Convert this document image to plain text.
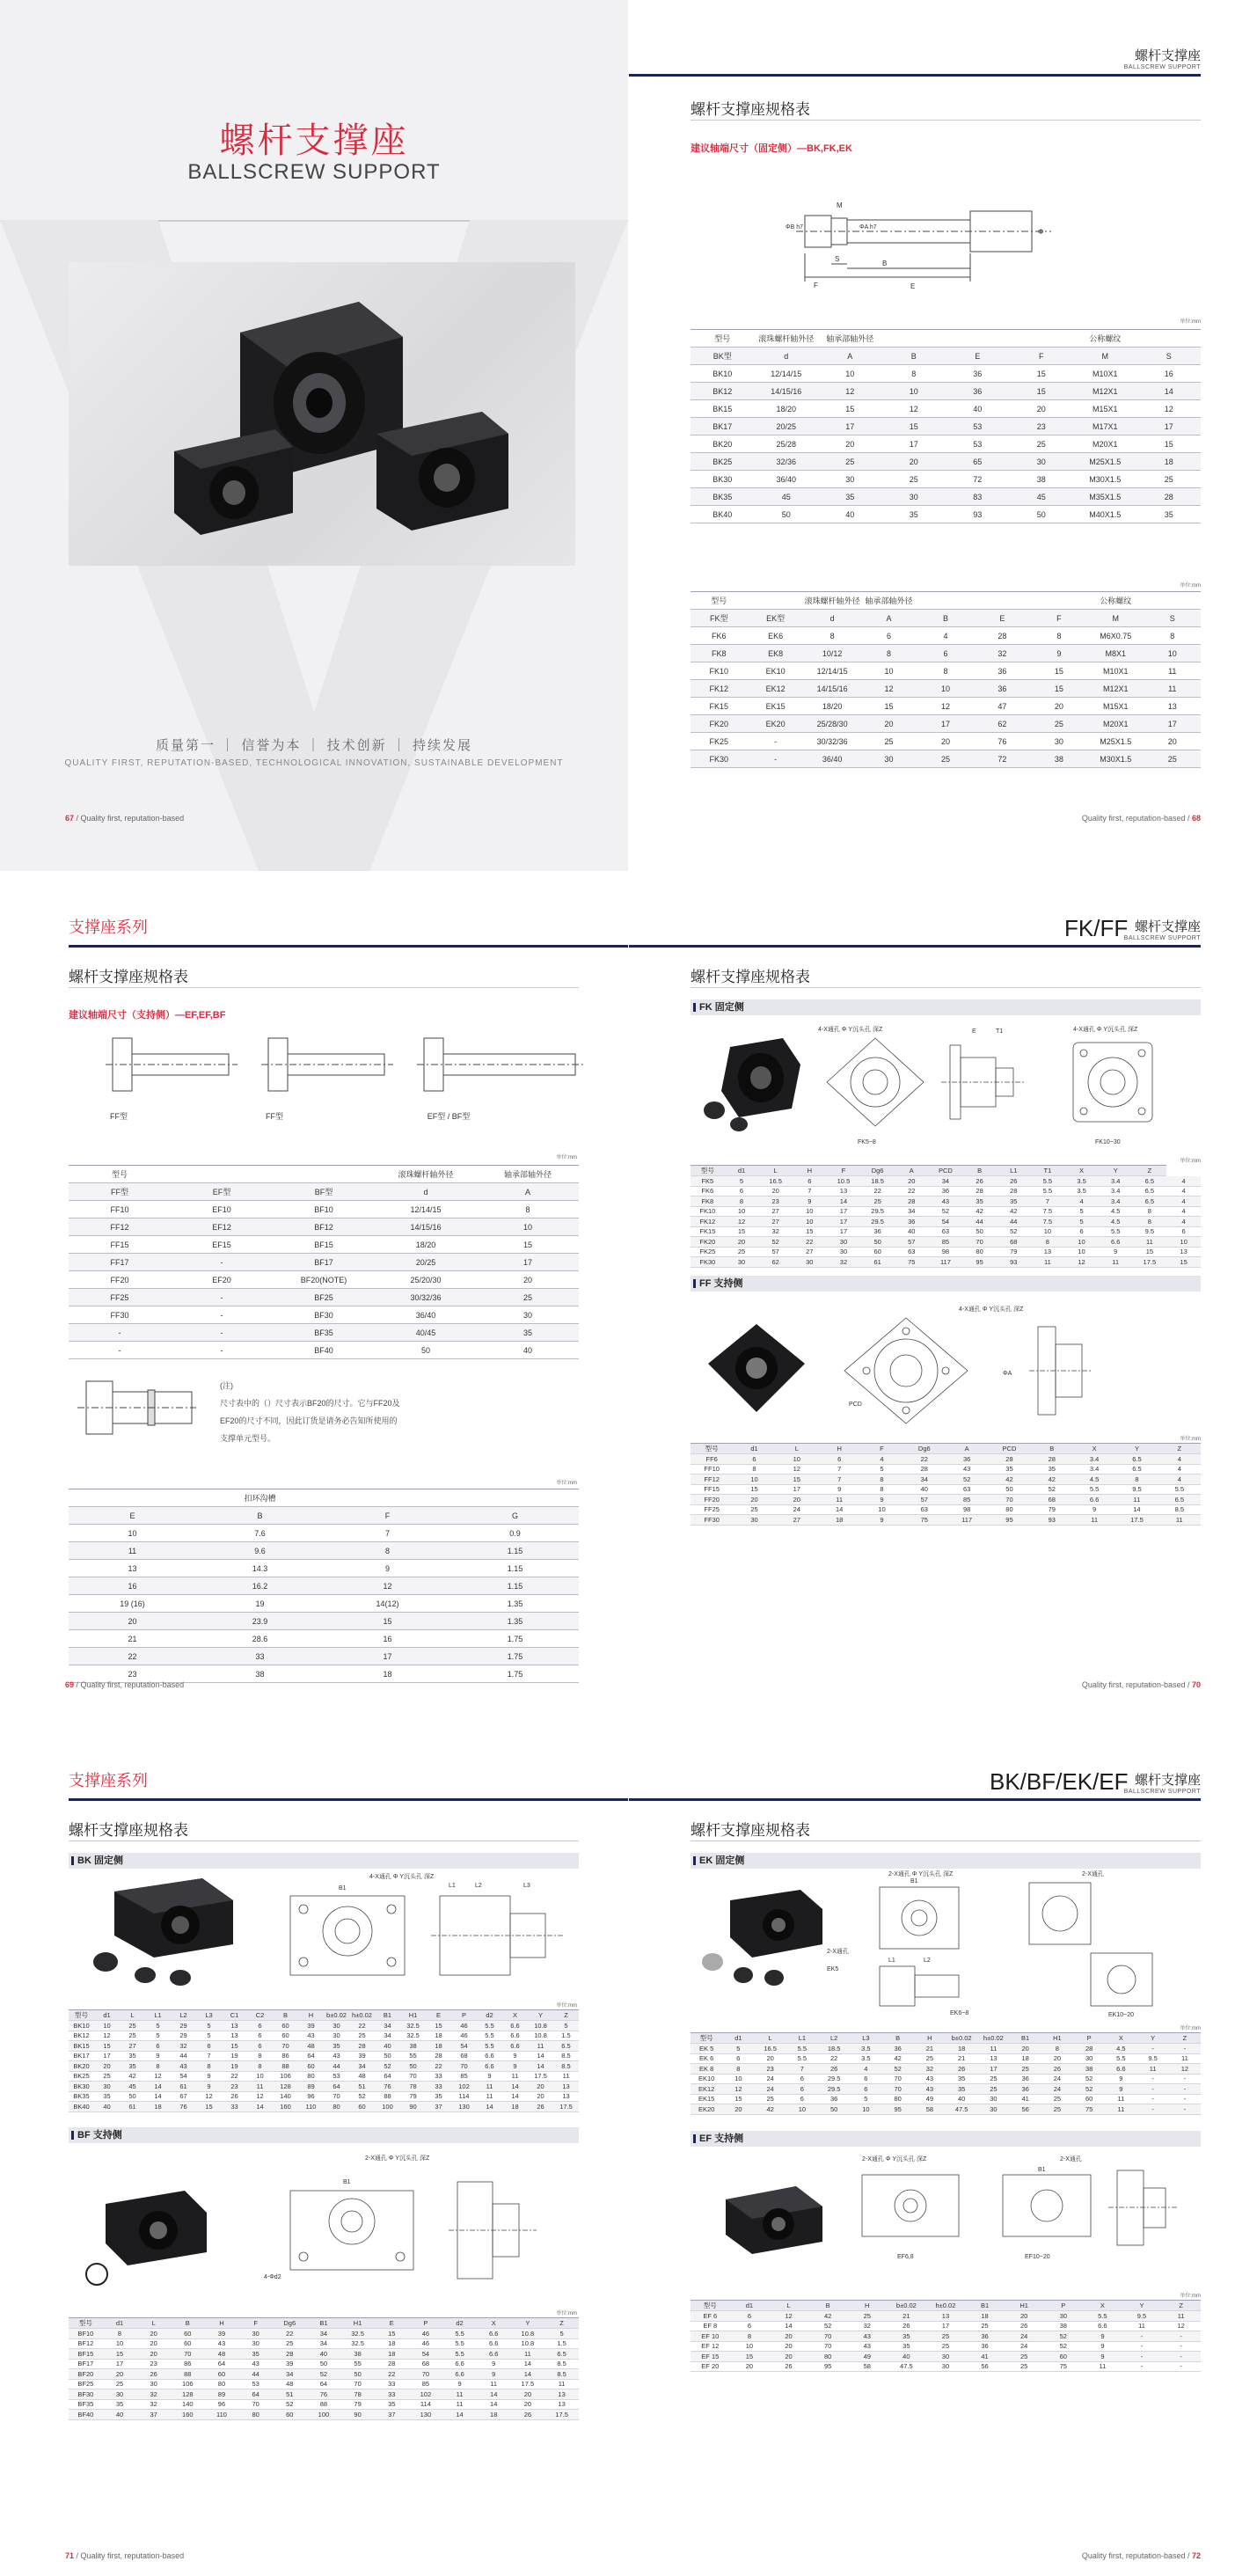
螺杆支撑座
BALLSCREW SUPPORT
质量第一 ｜ 信誉为本 ｜ 技术创新 ｜ 持续发展
QUALITY FIRST, REPUTATION-BASED, TECHNOLOGICAL INNOVATION, SUSTAINABLE DEVELOPMENT
67 / Quality first, reputation-based
螺杆支撑座
BALLSCREW SUPPORT
螺杆支撑座规格表
建议轴端尺寸（固定侧）—BK,FK,EK
M
ΦB h7	ΦA h7
Φ
F
S
B
E
单位:mm
型号	滚珠螺杆轴外径	轴承部轴外径				公称螺纹	
BK型	d	A	B	E	F	M	S
BK10	12/14/15	10	8	36	15	M10X1	16
BK12	14/15/16	12	10	36	15	M12X1	14
BK15	18/20	15	12	40	20	M15X1	12
BK17	20/25	17	15	53	23	M17X1	17
BK20	25/28	20	17	53	25	M20X1	15
BK25	32/36	25	20	65	30	M25X1.5	18
BK30	36/40	30	25	72	38	M30X1.5	25
BK35	45	35	30	83	45	M35X1.5	28
BK40	50	40	35	93	50	M40X1.5	35
单位:mm
型号		滚珠螺杆轴外径	轴承部轴外径				公称螺纹	
FK型	EK型	d	A	B	E	F	M	S
FK6	EK6	8	6	4	28	8	M6X0.75	8
FK8	EK8	10/12	8	6	32	9	M8X1	10
FK10	EK10	12/14/15	10	8	36	15	M10X1	11
FK12	EK12	14/15/16	12	10	36	15	M12X1	11
FK15	EK15	18/20	15	12	47	20	M15X1	13
FK20	EK20	25/28/30	20	17	62	25	M20X1	17
FK25	-	30/32/36	25	20	76	30	M25X1.5	20
FK30	-	36/40	30	25	72	38	M30X1.5	25
Quality first, reputation-based / 68
支撑座系列
螺杆支撑座规格表
建议轴端尺寸（支持侧）—EF,EF,BF
FF型	FF型	EF型 / BF型
单位:mm
型号			滚珠螺杆轴外径	轴承部轴外径
FF型	EF型	BF型	d	A
FF10	EF10	BF10	12/14/15	8
FF12	EF12	BF12	14/15/16	10
FF15	EF15	BF15	18/20	15
FF17	-	BF17	20/25	17
FF20	EF20	BF20(NOTE)	25/20/30	20
FF25	-	BF25	30/32/36	25
FF30	-	BF30	36/40	30
-	-	BF35	40/45	35
-	-	BF40	50	40
(注)
尺寸表中的（）尺寸表示BF20的尺寸。它与FF20及
EF20的尺寸不同，因此订货是请务必告知所使用的
支撑单元型号。
单位:mm
	扣环沟槽		
E	B	F	G
10	7.6	7	0.9
11	9.6	8	1.15
13	14.3	9	1.15
16	16.2	12	1.15
19 (16)	19	14(12)	1.35
20	23.9	15	1.35
21	28.6	16	1.75
22	33	17	1.75
23	38	18	1.75
69 / Quality first, reputation-based
FK/FF 螺杆支撑座
BALLSCREW SUPPORT
螺杆支撑座规格表
FK 固定侧
4-X通孔 Φ Y沉头孔 深Z	E	T1	4-X通孔 Φ Y沉头孔 深Z
FK5~8	FK10~30
单位:mm
型号	d1	L	H	F	Dg6	A	PCD	B	L1	T1	X	Y	Z	
FK5	5	16.5	6	10.5	18.5	20	34	26	26	5.5	3.5	3.4	6.5	4
FK6	6	20	7	13	22	22	36	28	28	5.5	3.5	3.4	6.5	4
FK8	8	23	9	14	25	28	43	35	35	7	4	3.4	6.5	4
FK10	10	27	10	17	29.5	34	52	42	42	7.5	5	4.5	8	4
FK12	12	27	10	17	29.5	36	54	44	44	7.5	5	4.5	8	4
FK15	15	32	15	17	36	40	63	50	52	10	6	5.5	9.5	6
FK20	20	52	22	30	50	57	85	70	68	8	10	6.6	11	10
FK25	25	57	27	30	60	63	98	80	79	13	10	9	15	13
FK30	30	62	30	32	61	75	117	95	93	11	12	11	17.5	15
FF 支持侧
4-X通孔 Φ Y沉头孔 深Z
ΦA
PCD
单位:mm
型号	d1	L	H	F	Dg6	A	PCD	B	X	Y	Z
FF6	6	10	6	4	22	36	28	28	3.4	6.5	4
FF10	8	12	7	5	28	43	35	35	3.4	6.5	4
FF12	10	15	7	8	34	52	42	42	4.5	8	4
FF15	15	17	9	8	40	63	50	52	5.5	9.5	5.5
FF20	20	20	11	9	57	85	70	68	6.6	11	6.5
FF25	25	24	14	10	63	98	80	79	9	14	8.5
FF30	30	27	18	9	75	117	95	93	11	17.5	11
Quality first, reputation-based / 70
支撑座系列
螺杆支撑座规格表
BK 固定侧
4-X通孔 Φ Y沉头孔 深Z
B1	L1	L2	L3
单位:mm
型号	d1	L	L1	L2	L3	C1	C2	B	H	b±0.02	h±0.02	B1	H1	E	P	d2	X	Y	Z
BK10	10	25	5	29	5	13	6	60	39	30	22	34	32.5	15	46	5.5	6.6	10.8	5
BK12	12	25	5	29	5	13	6	60	43	30	25	34	32.5	18	46	5.5	6.6	10.8	1.5
BK15	15	27	6	32	6	15	6	70	48	35	28	40	38	18	54	5.5	6.6	11	6.5
BK17	17	35	9	44	7	19	8	86	64	43	39	50	55	28	68	6.6	9	14	8.5
BK20	20	35	8	43	8	19	8	88	60	44	34	52	50	22	70	6.6	9	14	8.5
BK25	25	42	12	54	9	22	10	106	80	53	48	64	70	33	85	9	11	17.5	11
BK30	30	45	14	61	9	23	11	128	89	64	51	76	78	33	102	11	14	20	13
BK35	35	50	14	67	12	26	12	140	96	70	52	88	79	35	114	11	14	20	13
BK40	40	61	18	76	15	33	14	160	110	80	60	100	90	37	130	14	18	26	17.5
BF 支持侧
2-X通孔 Φ Y沉头孔 深Z
B1
4-Φd2
单位:mm
型号	d1	L	B	H	F	Dg6	B1	H1	E	P	d2	X	Y	Z
BF10	8	20	60	39	30	22	34	32.5	15	46	5.5	6.6	10.8	5
BF12	10	20	60	43	30	25	34	32.5	18	46	5.5	6.6	10.8	1.5
BF15	15	20	70	48	35	28	40	38	18	54	5.5	6.6	11	6.5
BF17	17	23	86	64	43	39	50	55	28	68	6.6	9	14	8.5
BF20	20	26	88	60	44	34	52	50	22	70	6.6	9	14	8.5
BF25	25	30	106	80	53	48	64	70	33	85	9	11	17.5	11
BF30	30	32	128	89	64	51	76	78	33	102	11	14	20	13
BF35	35	32	140	96	70	52	88	79	35	114	11	14	20	13
BF40	40	37	160	110	80	60	100	90	37	130	14	18	26	17.5
71 / Quality first, reputation-based
BK/BF/EK/EF 螺杆支撑座
BALLSCREW SUPPORT
螺杆支撑座规格表
EK 固定侧
2-X通孔 Φ Y沉头孔 深Z	2-X通孔
2-X通孔
EK5
EK6~8	EK10~20
B1
L1	L2
单位:mm
型号	d1	L	L1	L2	L3	B	H	b±0.02	h±0.02	B1	H1	P	X	Y	Z
EK 5	5	16.5	5.5	18.5	3.5	36	21	18	11	20	8	28	4.5	-	-
EK 6	6	20	5.5	22	3.5	42	25	21	13	18	20	30	5.5	9.5	11
EK 8	8	23	7	26	4	52	32	26	17	25	26	38	6.6	11	12
EK10	10	24	6	29.5	6	70	43	35	25	36	24	52	9	-	-
EK12	12	24	6	29.5	6	70	43	35	25	36	24	52	9	-	-
EK15	15	25	6	36	5	80	49	40	30	41	25	60	11	-	-
EK20	20	42	10	50	10	95	58	47.5	30	56	25	75	11	-	-
EF 支持侧
2-X通孔 Φ Y沉头孔 深Z	2-X通孔
B1
EF6,8	EF10~20
单位:mm
型号	d1	L	B	H	b±0.02	h±0.02	B1	H1	P	X	Y	Z
EF 6	6	12	42	25	21	13	18	20	30	5.5	9.5	11
EF 8	6	14	52	32	26	17	25	26	38	6.6	11	12
EF 10	8	20	70	43	35	25	36	24	52	9	-	-
EF 12	10	20	70	43	35	25	36	24	52	9	-	-
EF 15	15	20	80	49	40	30	41	25	60	9	-	-
EF 20	20	26	95	58	47.5	30	56	25	75	11	-	-
Quality first, reputation-based / 72
